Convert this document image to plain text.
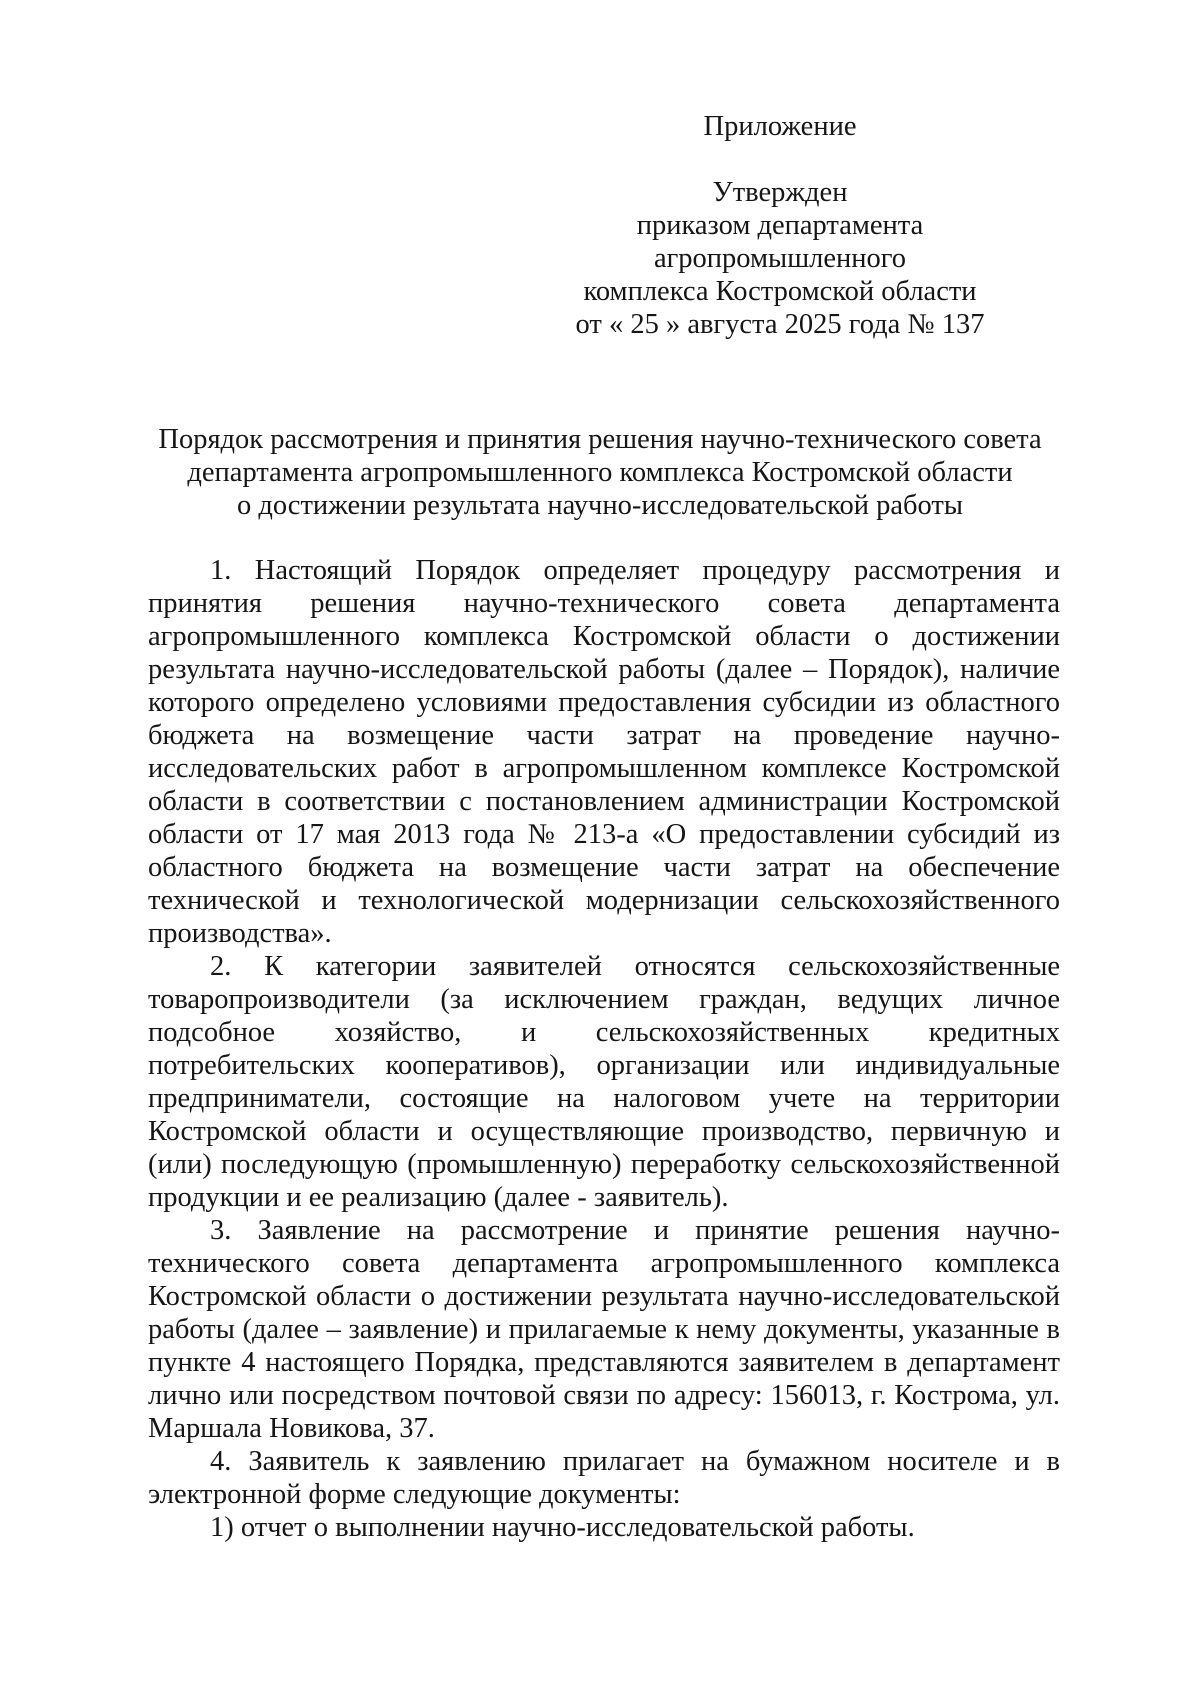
Приложение
Утвержден
приказом департамента
агропромышленного
комплекса Костромской области
от « 25 » августа 2025 года № 137
Порядок рассмотрения и принятия решения научно-технического совета
департамента агропромышленного комплекса Костромской области
о достижении результата научно-исследовательской работы

1. Настоящий Порядок определяет процедуру рассмотрения и принятия решения научно-технического совета департамента агропромышленного комплекса Костромской области о достижении результата научно-исследовательской работы (далее – Порядок), наличие которого определено условиями предоставления субсидии из областного бюджета на возмещение части затрат на проведение научно-исследовательских работ в агропромышленном комплексе Костромской области в соответствии с постановлением администрации Костромской области от 17 мая 2013 года № 213-а «О предоставлении субсидий из областного бюджета на возмещение части затрат на обеспечение технической и технологической модернизации сельскохозяйственного производства».

2. К категории заявителей относятся сельскохозяйственные товаропроизводители (за исключением граждан, ведущих личное подсобное хозяйство, и сельскохозяйственных кредитных потребительских кооперативов), организации или индивидуальные предприниматели, состоящие на налоговом учете на территории Костромской области и осуществляющие производство, первичную и (или) последующую (промышленную) переработку сельскохозяйственной продукции и ее реализацию (далее - заявитель).

3. Заявление на рассмотрение и принятие решения научно-технического совета департамента агропромышленного комплекса Костромской области о достижении результата научно-исследовательской работы (далее – заявление) и прилагаемые к нему документы, указанные в пункте 4 настоящего Порядка, представляются заявителем в департамент лично или посредством почтовой связи по адресу: 156013, г. Кострома, ул. Маршала Новикова, 37.

4. Заявитель к заявлению прилагает на бумажном носителе и в электронной форме следующие документы:

1) отчет о выполнении научно-исследовательской работы.
